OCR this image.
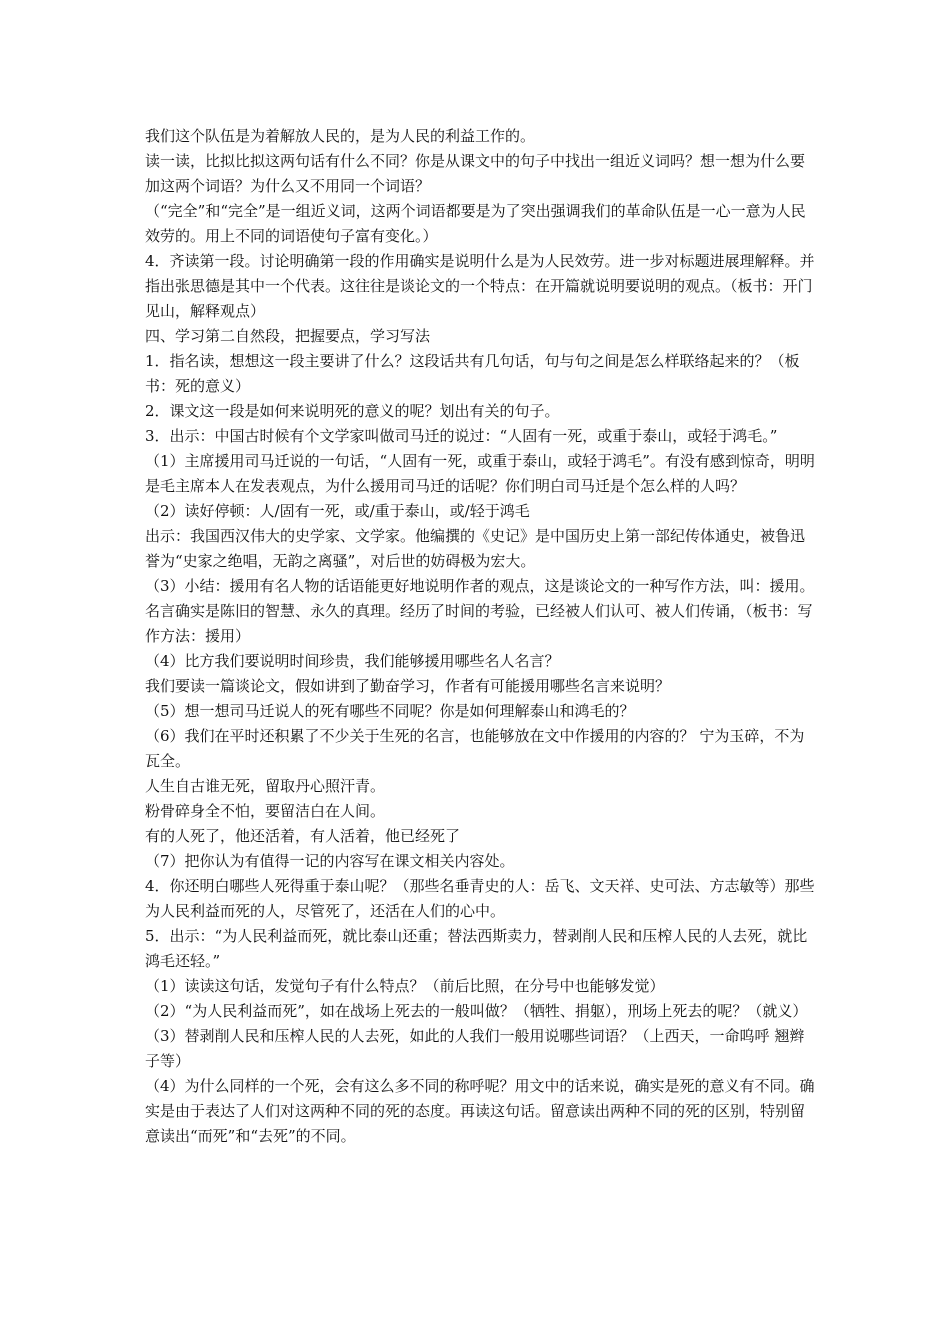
我们这个队伍是为着解放人民的，是为人民的利益工作的。

读一读，比拟比拟这两句话有什么不同？你是从课文中的句子中找出一组近义词吗？想一想为什么要加这两个词语？为什么又不用同一个词语？

（“完全”和“完全”是一组近义词，这两个词语都要是为了突出强调我们的革命队伍是一心一意为人民效劳的。用上不同的词语使句子富有变化。）

4．齐读第一段。讨论明确第一段的作用确实是说明什么是为人民效劳。进一步对标题进展理解释。并指出张思德是其中一个代表。这往往是谈论文的一个特点：在开篇就说明要说明的观点。（板书：开门见山，解释观点）

四、学习第二自然段，把握要点，学习写法

1．指名读，想想这一段主要讲了什么？这段话共有几句话，句与句之间是怎么样联络起来的？（板书：死的意义）

2．课文这一段是如何来说明死的意义的呢？划出有关的句子。

3．出示：中国古时候有个文学家叫做司马迁的说过：“人固有一死，或重于泰山，或轻于鸿毛。”

（1）主席援用司马迁说的一句话，“人固有一死，或重于泰山，或轻于鸿毛”。有没有感到惊奇，明明是毛主席本人在发表观点，为什么援用司马迁的话呢？你们明白司马迁是个怎么样的人吗？

（2）读好停顿：人/固有一死，或/重于泰山，或/轻于鸿毛

出示：我国西汉伟大的史学家、文学家。他编撰的《史记》是中国历史上第一部纪传体通史，被鲁迅誉为“史家之绝唱，无韵之离骚”，对后世的妨碍极为宏大。

（3）小结：援用有名人物的话语能更好地说明作者的观点，这是谈论文的一种写作方法，叫：援用。名言确实是陈旧的智慧、永久的真理。经历了时间的考验，已经被人们认可、被人们传诵，（板书：写作方法：援用）

（4）比方我们要说明时间珍贵，我们能够援用哪些名人名言？

我们要读一篇谈论文，假如讲到了勤奋学习，作者有可能援用哪些名言来说明？

（5）想一想司马迁说人的死有哪些不同呢？你是如何理解泰山和鸿毛的？

（6）我们在平时还积累了不少关于生死的名言，也能够放在文中作援用的内容的？ 宁为玉碎，不为瓦全。

人生自古谁无死，留取丹心照汗青。

粉骨碎身全不怕，要留洁白在人间。

有的人死了，他还活着，有人活着，他已经死了

（7）把你认为有值得一记的内容写在课文相关内容处。

4．你还明白哪些人死得重于泰山呢？（那些名垂青史的人：岳飞、文天祥、史可法、方志敏等）那些为人民利益而死的人，尽管死了，还活在人们的心中。

5．出示：“为人民利益而死，就比泰山还重；替法西斯卖力，替剥削人民和压榨人民的人去死，就比鸿毛还轻。”

（1）读读这句话，发觉句子有什么特点？（前后比照，在分号中也能够发觉）

（2）“为人民利益而死”，如在战场上死去的一般叫做？（牺牲、捐躯），刑场上死去的呢？（就义）

（3）替剥削人民和压榨人民的人去死，如此的人我们一般用说哪些词语？（上西天，一命呜呼 翘辫子等）

（4）为什么同样的一个死，会有这么多不同的称呼呢？用文中的话来说，确实是死的意义有不同。确实是由于表达了人们对这两种不同的死的态度。再读这句话。留意读出两种不同的死的区别，特别留意读出“而死”和“去死”的不同。
